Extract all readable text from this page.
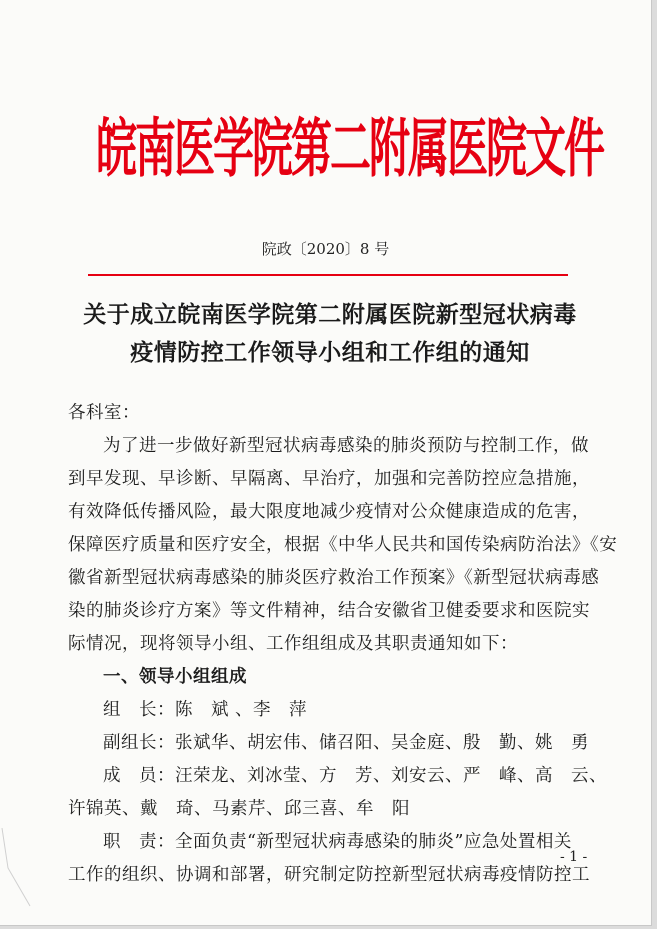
皖南医学院第二附属医院文件
院政〔2020〕8 号
关于成立皖南医学院第二附属医院新型冠状病毒
疫情防控工作领导小组和工作组的通知
各科室：
为了进一步做好新型冠状病毒感染的肺炎预防与控制工作，做
到早发现、早诊断、早隔离、早治疗，加强和完善防控应急措施，
有效降低传播风险，最大限度地减少疫情对公众健康造成的危害，
保障医疗质量和医疗安全，根据《中华人民共和国传染病防治法》《安
徽省新型冠状病毒感染的肺炎医疗救治工作预案》《新型冠状病毒感
染的肺炎诊疗方案》等文件精神，结合安徽省卫健委要求和医院实
际情况，现将领导小组、工作组组成及其职责通知如下：
一、领导小组组成
组　长：陈　斌 、李　萍
副组长：张斌华、胡宏伟、储召阳、吴金庭、殷　勤、姚　勇
成　员：汪荣龙、刘冰莹、方　芳、刘安云、严　峰、高　云、
许锦英、戴　琦、马素芹、邱三喜、牟　阳
职　责：全面负责“新型冠状病毒感染的肺炎”应急处置相关
工作的组织、协调和部署，研究制定防控新型冠状病毒疫情防控工
- 1 -
